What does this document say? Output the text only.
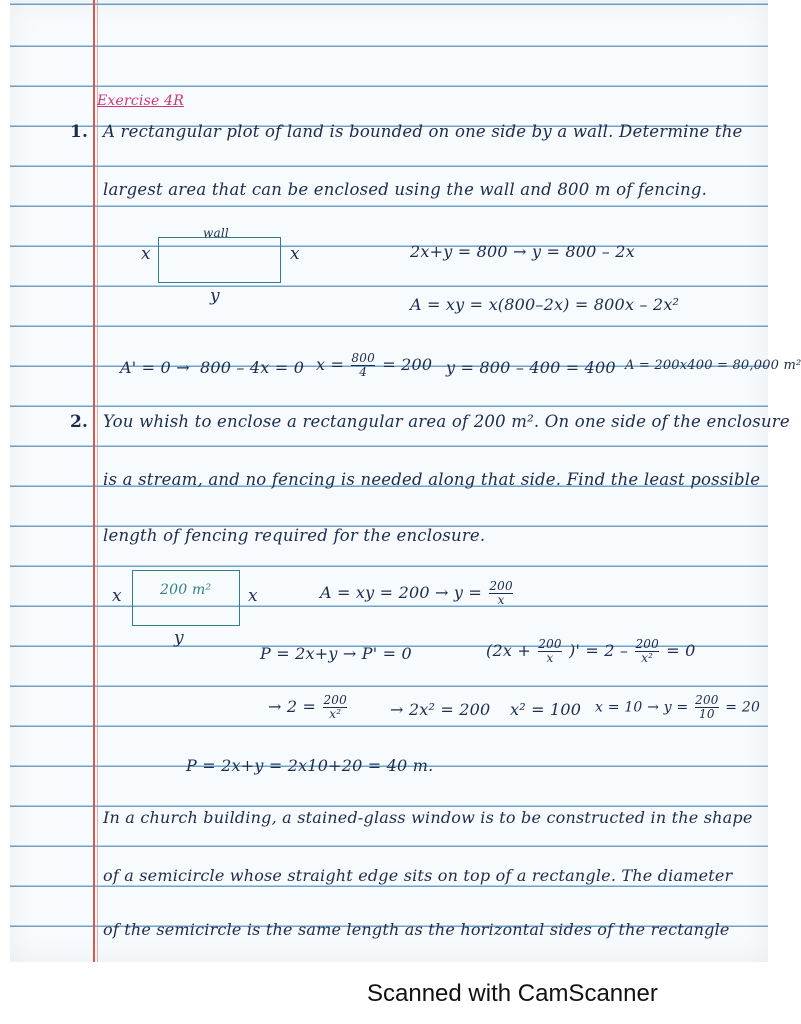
Exercise 4R
1. A rectangular plot of land is bounded on one side by a wall. Determine the
largest area that can be enclosed using the wall and 800 m of fencing.
wall
x	x
y
2x+y = 800 → y = 800 – 2x
A = xy = x(800–2x) = 800x – 2x²
A' = 0 → 800 – 4x = 0 $x = \frac{800}{4} = 200$ y = 800 – 400 = 400 A = 200x400 = 80,000 m²
2. You whish to enclose a rectangular area of 200 m². On one side of the enclosure
is a stream, and no fencing is needed along that side. Find the least possible
length of fencing required for the enclosure.
200 m²
x	x
y
A = xy = $200 \to y = \frac{200}{x}$
P = 2x+y → P' = 0	($2x + \frac{200}{x}$ )' = $2 - \frac{200}{\text{x²}} = 0$
→ $2 = \frac{200}{\text{x²}}$	→ 2x² = 200 x² = 100 $x = 10 \to y = \frac{200}{10} = 20$
P = 2x+y = 2x10+20 = 40 m.
In a church building, a stained-glass window is to be constructed in the shape
of a semicircle whose straight edge sits on top of a rectangle. The diameter
of the semicircle is the same length as the horizontal sides of the rectangle
Scanned with CamScanner
